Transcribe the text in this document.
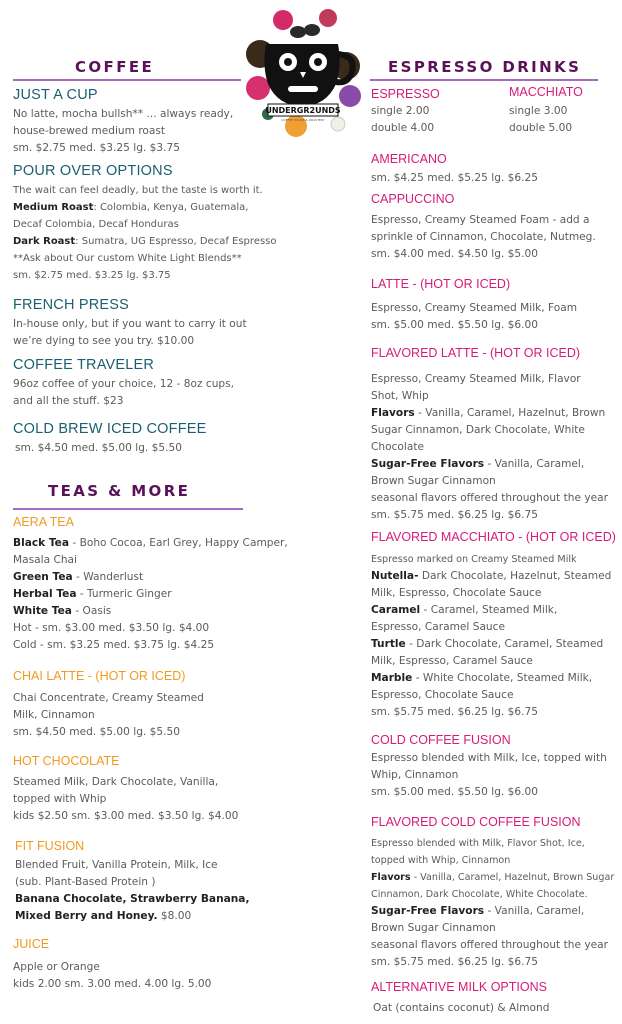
UNDERGR2UNDS
COFFEE HOUSE & ROASTERY
COFFEE
JUST A CUP
No latte, mocha bullsh** ... always ready,
house-brewed medium roast
sm. $2.75 med. $3.25 lg. $3.75
POUR OVER OPTIONS
The wait can feel deadly, but the taste is worth it.
Medium Roast: Colombia, Kenya, Guatemala,
Decaf Colombia, Decaf Honduras
Dark Roast: Sumatra, UG Espresso, Decaf Espresso
**Ask about Our custom White Light Blends**
sm. $2.75 med. $3.25 lg. $3.75
FRENCH PRESS
In-house only, but if you want to carry it out
we’re dying to see you try. $10.00
COFFEE TRAVELER
96oz coffee of your choice, 12 - 8oz cups,
and all the stuff. $23
COLD BREW ICED COFFEE
sm. $4.50 med. $5.00 lg. $5.50
TEAS & MORE
AERA TEA
Black Tea - Boho Cocoa, Earl Grey, Happy Camper,
Masala Chai
Green Tea - Wanderlust
Herbal Tea - Turmeric Ginger
White Tea - Oasis
Hot - sm. $3.00 med. $3.50 lg. $4.00
Cold - sm. $3.25 med. $3.75 lg. $4.25
CHAI LATTE - (HOT OR ICED)
Chai Concentrate, Creamy Steamed
Milk, Cinnamon
sm. $4.50 med. $5.00 lg. $5.50
HOT CHOCOLATE
Steamed Milk, Dark Chocolate, Vanilla,
topped with Whip
kids $2.50 sm. $3.00 med. $3.50 lg. $4.00
FIT FUSION
Blended Fruit, Vanilla Protein, Milk, Ice
(sub. Plant-Based Protein )
Banana Chocolate, Strawberry Banana,
Mixed Berry and Honey. $8.00
JUICE
Apple or Orange
kids 2.00 sm. 3.00 med. 4.00 lg. 5.00
ESPRESSO DRINKS
ESPRESSO
single 2.00
double 4.00
MACCHIATO
single 3.00
double 5.00
AMERICANO
sm. $4.25 med. $5.25 lg. $6.25
CAPPUCCINO
Espresso, Creamy Steamed Foam - add a
sprinkle of Cinnamon, Chocolate, Nutmeg.
sm. $4.00 med. $4.50 lg. $5.00
LATTE - (HOT OR ICED)
Espresso, Creamy Steamed Milk, Foam
sm. $5.00 med. $5.50 lg. $6.00
FLAVORED LATTE - (HOT OR ICED)
Espresso, Creamy Steamed Milk, Flavor
Shot, Whip
Flavors - Vanilla, Caramel, Hazelnut, Brown
Sugar Cinnamon, Dark Chocolate, White
Chocolate
Sugar-Free Flavors - Vanilla, Caramel,
Brown Sugar Cinnamon
seasonal flavors offered throughout the year
sm. $5.75 med. $6.25 lg. $6.75
FLAVORED MACCHIATO - (HOT OR ICED)
Espresso marked on Creamy Steamed Milk
Nutella- Dark Chocolate, Hazelnut, Steamed
Milk, Espresso, Chocolate Sauce
Caramel - Caramel, Steamed Milk,
Espresso, Caramel Sauce
Turtle - Dark Chocolate, Caramel, Steamed
Milk, Espresso, Caramel Sauce
Marble - White Chocolate, Steamed Milk,
Espresso, Chocolate Sauce
sm. $5.75 med. $6.25 lg. $6.75
COLD COFFEE FUSION
Espresso blended with Milk, Ice, topped with
Whip, Cinnamon
sm. $5.00 med. $5.50 lg. $6.00
FLAVORED COLD COFFEE FUSION
Espresso blended with Milk, Flavor Shot, Ice,
topped with Whip, Cinnamon
Flavors - Vanilla, Caramel, Hazelnut, Brown Sugar
Cinnamon, Dark Chocolate, White Chocolate.
Sugar-Free Flavors - Vanilla, Caramel,
Brown Sugar Cinnamon
seasonal flavors offered throughout the year
sm. $5.75 med. $6.25 lg. $6.75
ALTERNATIVE MILK OPTIONS
Oat (contains coconut) & Almond
